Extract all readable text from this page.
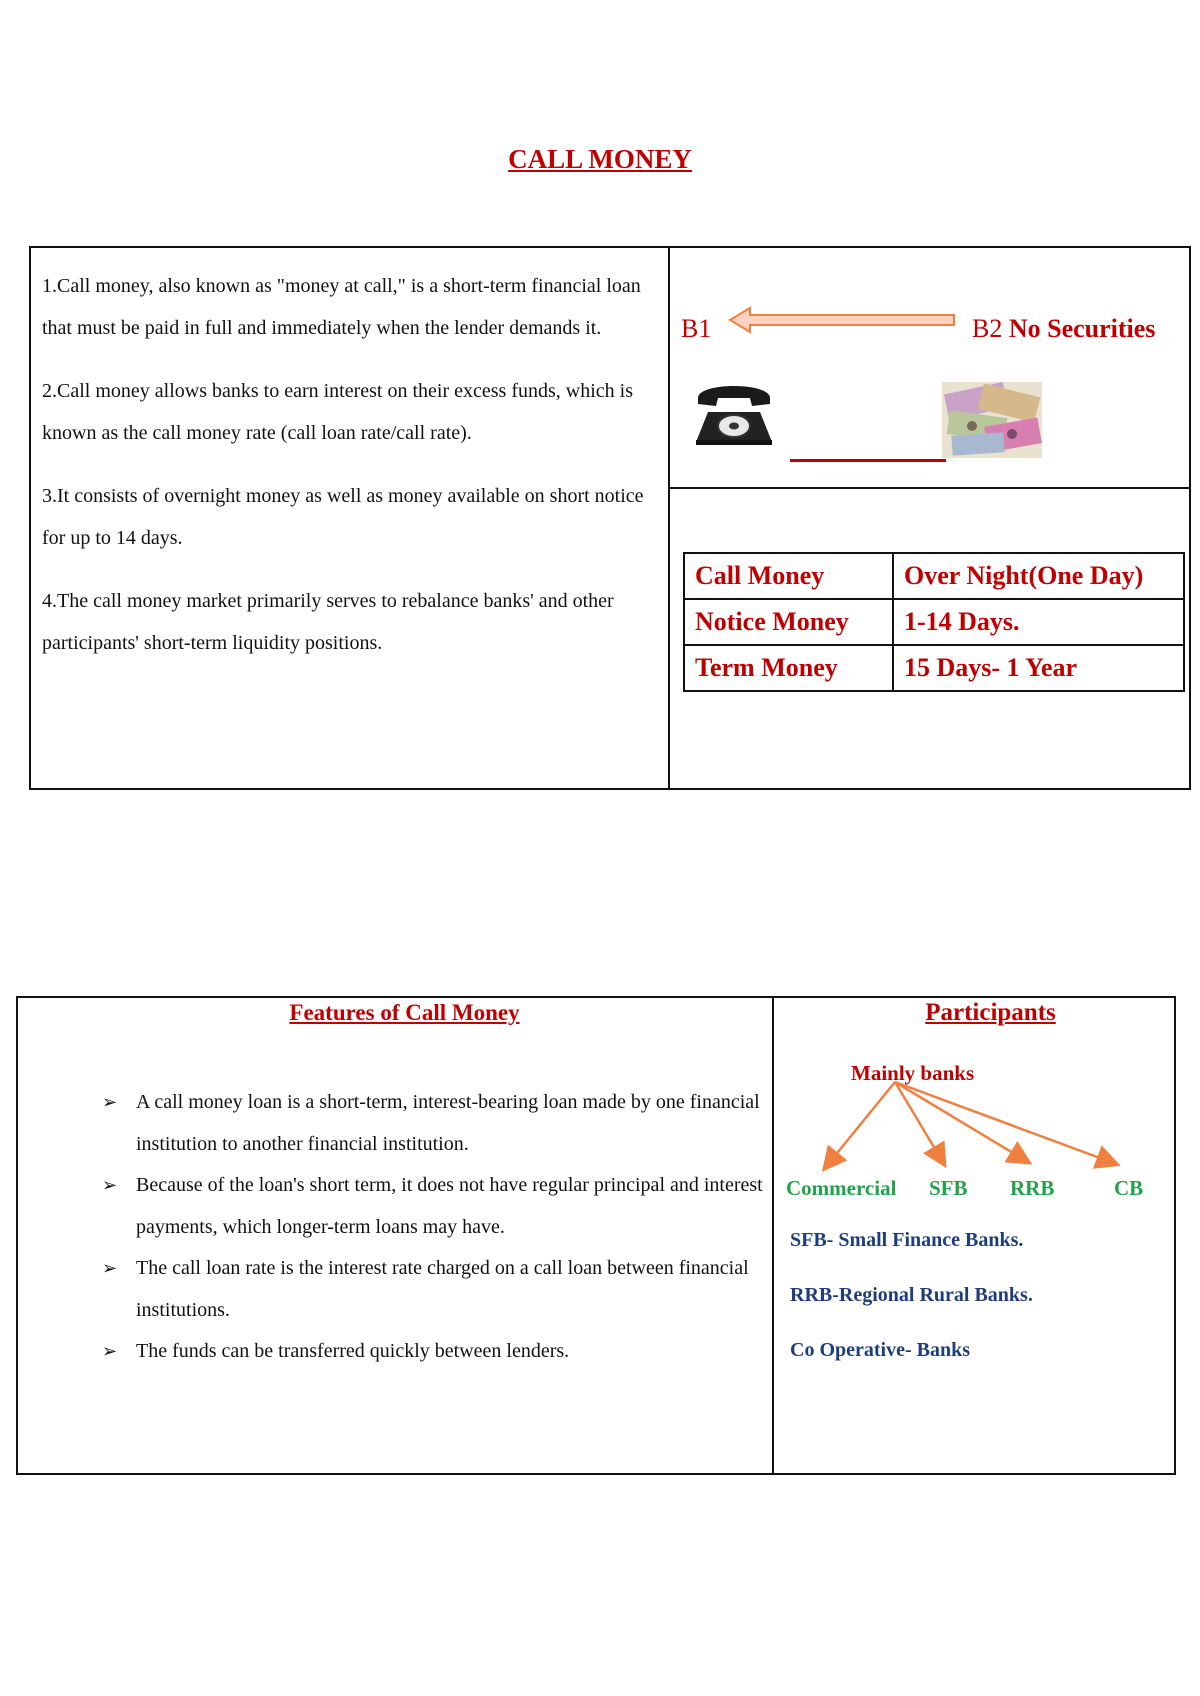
CALL MONEY

1.Call money, also known as "money at call," is a short-term financial loan that must be paid in full and immediately when the lender demands it.

2.Call money allows banks to earn interest on their excess funds, which is known as the call money rate (call loan rate/call rate).

3.It consists of overnight money as well as money available on short notice for up to 14 days.

4.The call money market primarily serves to rebalance banks' and other participants' short-term liquidity positions.

B1	B2 No Securities
Call Money	Over Night(One Day)
Notice Money	1-14 Days.
Term Money	15 Days- 1 Year
Features of Call Money
➢ A call money loan is a short-term, interest-bearing loan made by one financial institution to another financial institution.
➢ Because of the loan's short term, it does not have regular principal and interest payments, which longer-term loans may have.
➢ The call loan rate is the interest rate charged on a call loan between financial institutions.
➢ The funds can be transferred quickly between lenders.
Participants
Mainly banks
Commercial SFB RRB	CB
SFB- Small Finance Banks.
RRB-Regional Rural Banks.
Co Operative- Banks
